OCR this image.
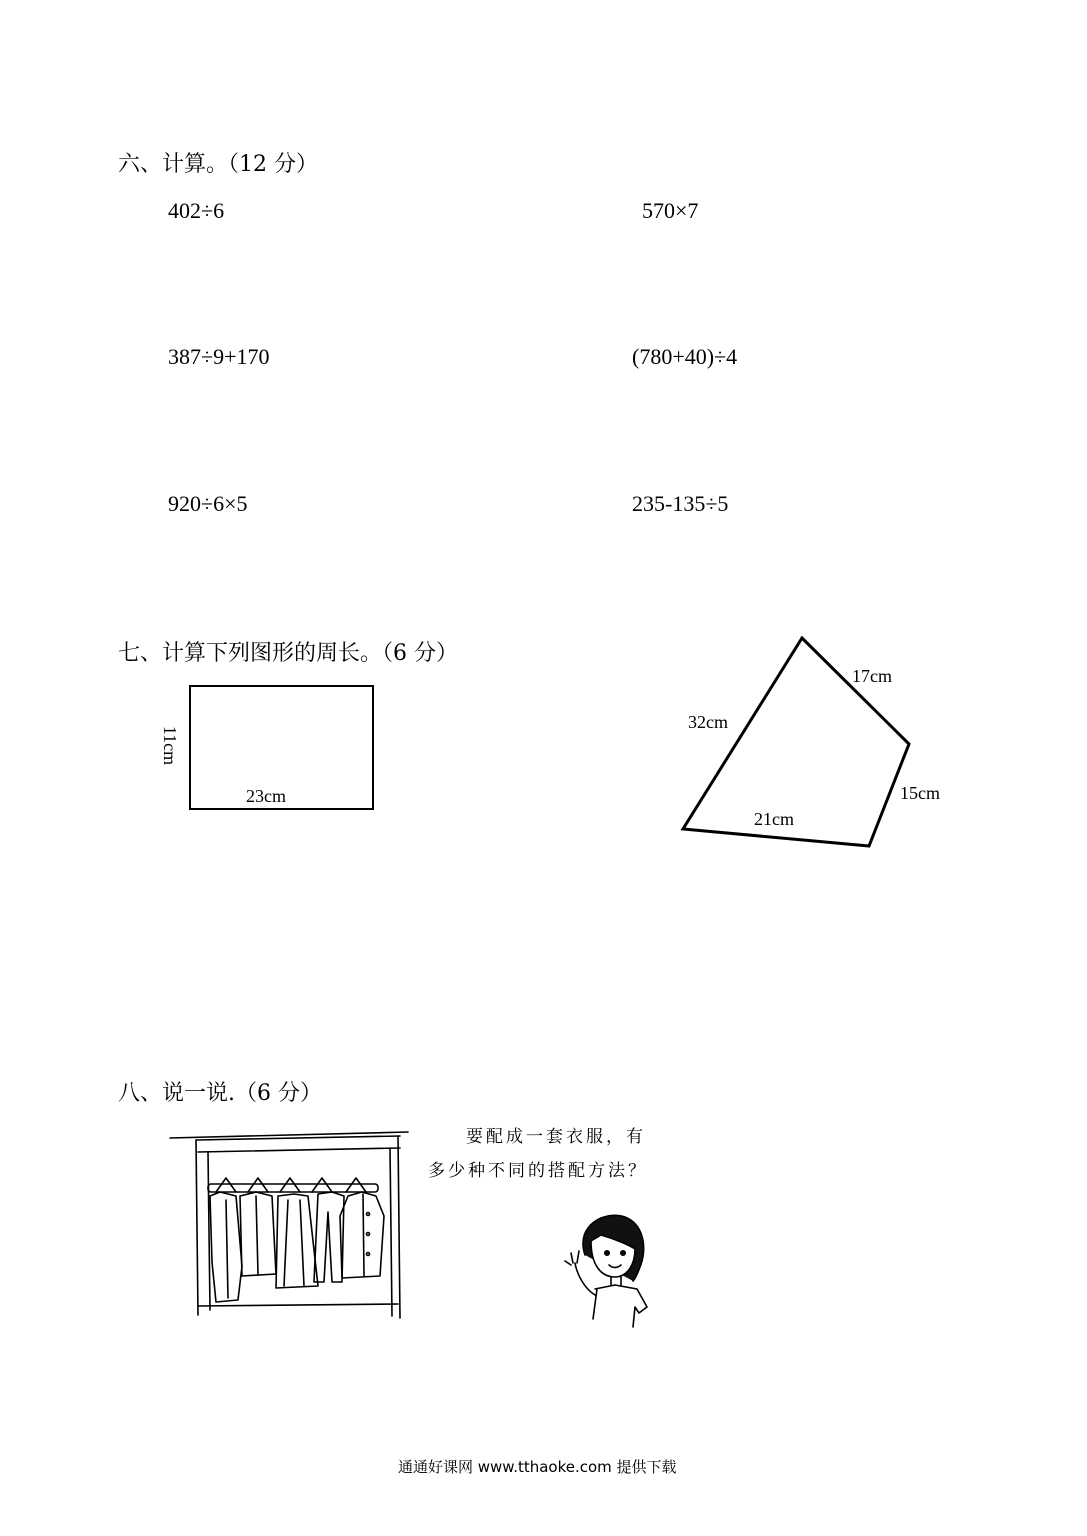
六、计算。（12 分）
402÷6	570×7
387÷9+170	(780+40)÷4
920÷6×5	235-135÷5
七、计算下列图形的周长。（6 分）
11cm
23cm
17cm
32cm
15cm
21cm
八、说一说.（6 分）
要配成一套衣服，有
多少种不同的搭配方法？
通通好课网 www.tthaoke.com 提供下载
